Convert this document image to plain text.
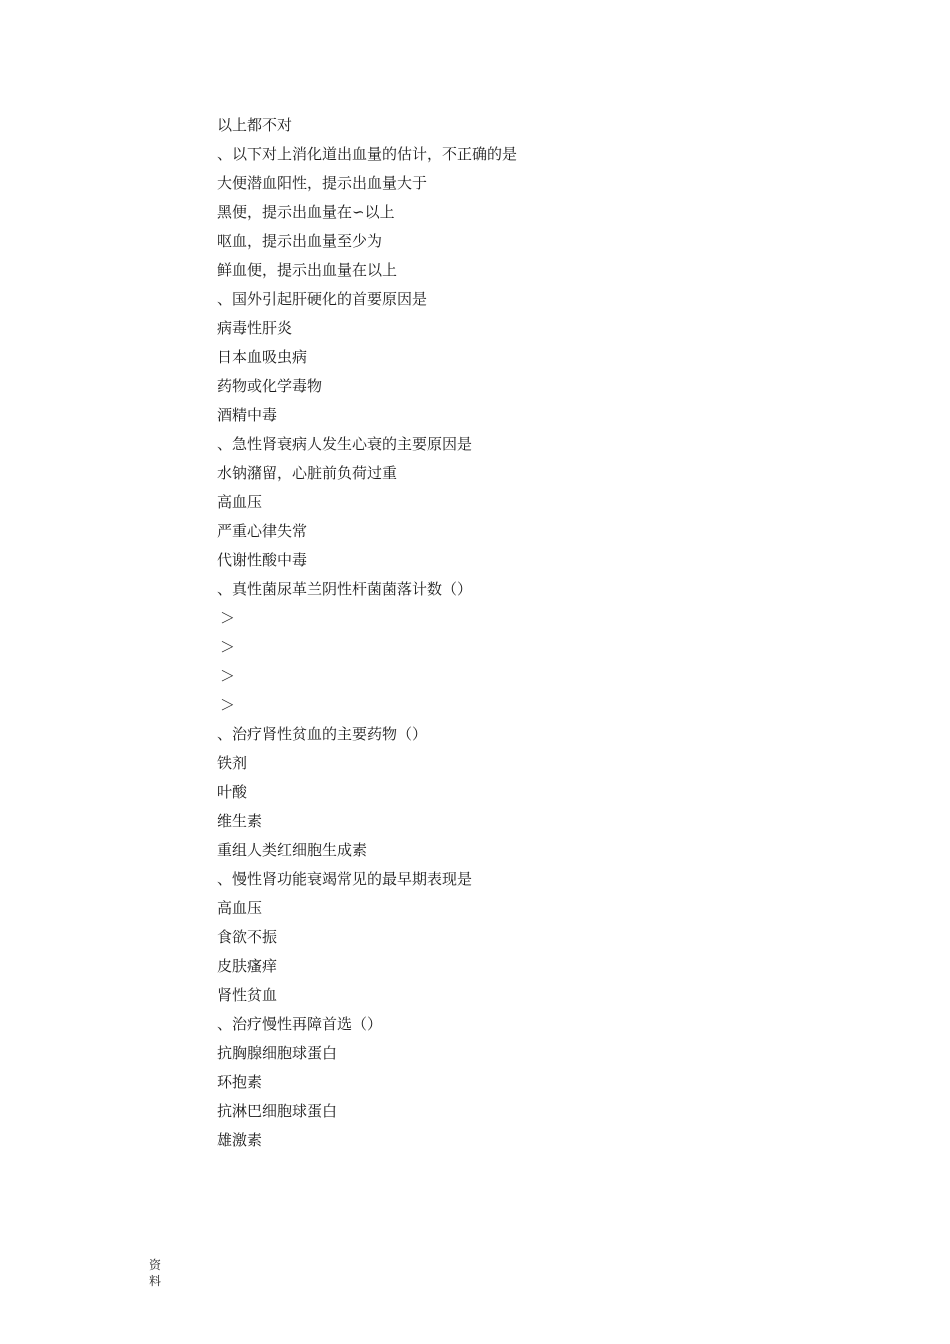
以上都不对
、以下对上消化道出血量的估计，不正确的是
大便潜血阳性，提示出血量大于
黑便，提示出血量在∽以上
呕血，提示出血量至少为
鲜血便，提示出血量在以上
、国外引起肝硬化的首要原因是
病毒性肝炎
日本血吸虫病
药物或化学毒物
酒精中毒
、急性肾衰病人发生心衰的主要原因是
水钠潴留，心脏前负荷过重
高血压
严重心律失常
代谢性酸中毒
、真性菌尿革兰阴性杆菌菌落计数（）
＞
＞
＞
＞
、治疗肾性贫血的主要药物（）
铁剂
叶酸
维生素
重组人类红细胞生成素
、慢性肾功能衰竭常见的最早期表现是
高血压
食欲不振
皮肤瘙痒
肾性贫血
、治疗慢性再障首选（）
抗胸腺细胞球蛋白
环抱素
抗淋巴细胞球蛋白
雄激素
资
料
